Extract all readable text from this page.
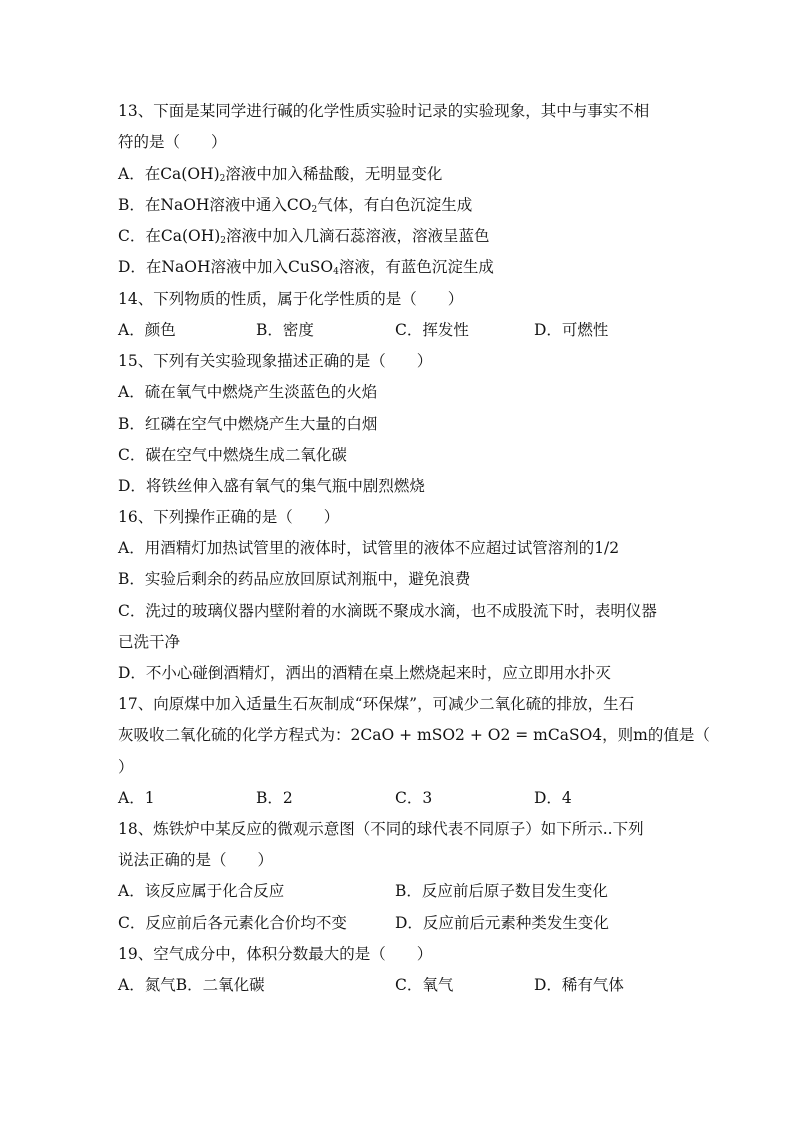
13、下面是某同学进行碱的化学性质实验时记录的实验现象，其中与事实不相
符的是（　　）
A．在$Ca(OH)_2$溶液中加入稀盐酸，无明显变化
B．在NaOH溶液中通入$CO_2$气体，有白色沉淀生成
C．在$Ca(OH)_2$溶液中加入几滴石蕊溶液，溶液呈蓝色
D．在NaOH溶液中加入CuSO$_4$溶液，有蓝色沉淀生成
14、下列物质的性质，属于化学性质的是（　　）
A．颜色	B．密度	C．挥发性	D．可燃性
15、下列有关实验现象描述正确的是（　　）
A．硫在氧气中燃烧产生淡蓝色的火焰
B．红磷在空气中燃烧产生大量的白烟
C．碳在空气中燃烧生成二氧化碳
D．将铁丝伸入盛有氧气的集气瓶中剧烈燃烧
16、下列操作正确的是（　　）
A．用酒精灯加热试管里的液体时，试管里的液体不应超过试管溶剂的1/2
B．实验后剩余的药品应放回原试剂瓶中，避免浪费
C．洗过的玻璃仪器内壁附着的水滴既不聚成水滴，也不成股流下时，表明仪器
已洗干净
D．不小心碰倒酒精灯，洒出的酒精在桌上燃烧起来时，应立即用水扑灭
17、向原煤中加入适量生石灰制成“环保煤”，可减少二氧化硫的排放，生石
灰吸收二氧化硫的化学方程式为：2CaO + mSO2 + O2 = mCaSO4，则m的值是（
）
A．1	B．2	C．3	D．4
18、炼铁炉中某反应的微观示意图（不同的球代表不同原子）如下所示..下列
说法正确的是（　　）
A．该反应属于化合反应	B．反应前后原子数目发生变化
C．反应前后各元素化合价均不变	D．反应前后元素种类发生变化
19、空气成分中，体积分数最大的是（　　）
A．氮气B．二氧化碳	C．氧气	D．稀有气体
